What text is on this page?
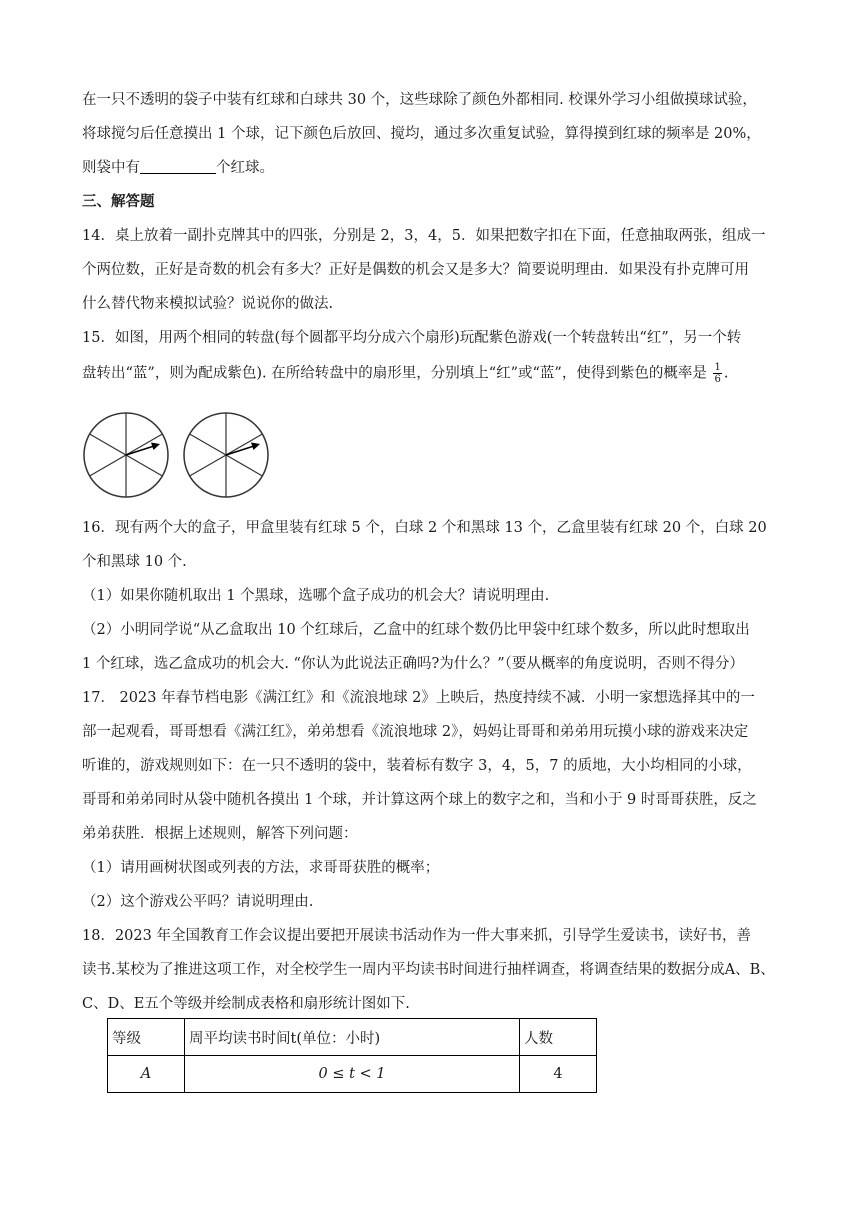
在一只不透明的袋子中装有红球和白球共 30 个，这些球除了颜色外都相同. 校课外学习小组做摸球试验，
将球搅匀后任意摸出 1 个球，记下颜色后放回、搅均，通过多次重复试验，算得摸到红球的频率是 20%，
则袋中有	个红球。
三、解答题
14．桌上放着一副扑克牌其中的四张，分别是 2，3，4，5．如果把数字扣在下面，任意抽取两张，组成一
个两位数，正好是奇数的机会有多大？正好是偶数的机会又是多大？简要说明理由．如果没有扑克牌可用
什么替代物来模拟试验？说说你的做法.
15．如图，用两个相同的转盘(每个圆都平均分成六个扇形)玩配紫色游戏(一个转盘转出“红”，另一个转
盘转出“蓝”，则为配成紫色). 在所给转盘中的扇形里，分别填上“红”或“蓝”，使得到紫色的概率是 $\frac{1}{6}$ .
16．现有两个大的盒子，甲盒里装有红球 5 个，白球 2 个和黑球 13 个，乙盒里装有红球 20 个，白球 20
个和黑球 10 个.
（1）如果你随机取出 1 个黑球，选哪个盒子成功的机会大？请说明理由.
（2）小明同学说“从乙盒取出 10 个红球后，乙盒中的红球个数仍比甲袋中红球个数多，所以此时想取出
1 个红球，选乙盒成功的机会大. “你认为此说法正确吗?为什么？”（要从概率的角度说明，否则不得分）
17． 2023 年春节档电影《满江红》和《流浪地球 2》上映后，热度持续不减．小明一家想选择其中的一
部一起观看，哥哥想看《满江红》，弟弟想看《流浪地球 2》，妈妈让哥哥和弟弟用玩摸小球的游戏来决定
听谁的，游戏规则如下：在一只不透明的袋中，装着标有数字 3，4，5，7 的质地，大小均相同的小球，
哥哥和弟弟同时从袋中随机各摸出 1 个球，并计算这两个球上的数字之和，当和小于 9 时哥哥获胜，反之
弟弟获胜．根据上述规则，解答下列问题：
（1）请用画树状图或列表的方法，求哥哥获胜的概率；
（2）这个游戏公平吗？请说明理由.
18．2023 年全国教育工作会议提出要把开展读书活动作为一件大事来抓，引导学生爱读书，读好书，善
读书.某校为了推进这项工作，对全校学生一周内平均读书时间进行抽样调查，将调查结果的数据分成A、B、
C、D、E五个等级并绘制成表格和扇形统计图如下.
等级	周平均读书时间t(单位：小时)	人数
A	0 ≤ t < 1	4
